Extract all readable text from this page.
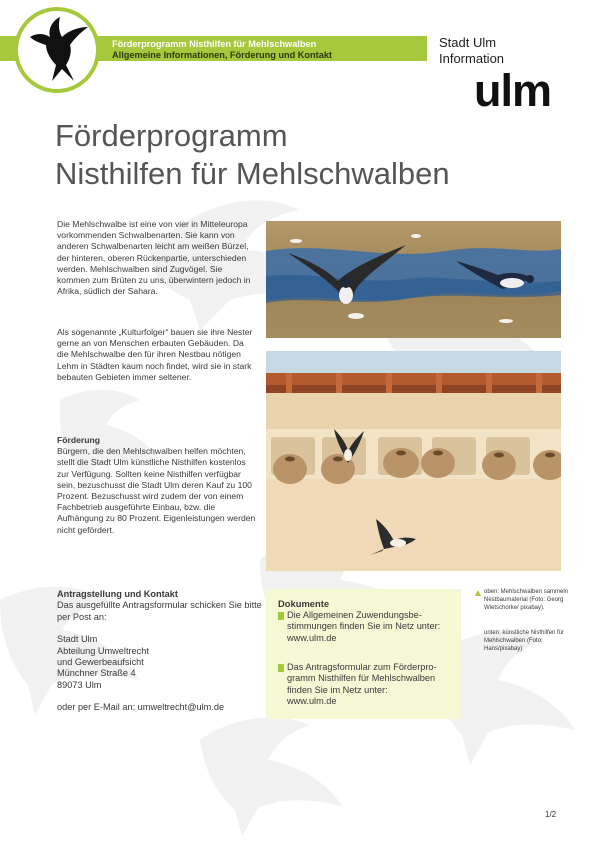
Förderprogramm Nisthilfen für Mehlschwalben
Allgemeine Informationen, Förderung und Kontakt
Stadt Ulm
Information
ulm
Förderprogramm
Nisthilfen für Mehlschwalben
Die Mehlschwalbe ist eine von vier in Mitteleuropa vorkommenden Schwalbenarten. Sie kann von anderen Schwalbenarten leicht am weißen Bürzel, der hinteren, oberen Rückenpartie, unterschieden werden. Mehlschwalben sind Zugvögel. Sie kommen zum Brüten zu uns, überwintern jedoch in Afrika, südlich der Sahara.
Als sogenannte „Kulturfolger“ bauen sie ihre Nester gerne an von Menschen erbauten Gebäuden. Da die Mehlschwalbe den für ihren Nestbau nötigen Lehm in Städten kaum noch findet, wird sie in stark bebauten Gebieten immer seltener.
Förderung
Bürgern, die den Mehlschwalben helfen möchten, stellt die Stadt Ulm künstliche Nisthilfen kostenlos zur Verfügung. Sollten keine Nisthilfen verfügbar sein, bezuschusst die Stadt Ulm deren Kauf zu 100 Prozent. Bezuschusst wird zudem der von einem Fachbetrieb ausgeführte Einbau, bzw. die Aufhängung zu 80 Prozent. Eigenleistungen werden nicht gefördert.
Antragstellung und Kontakt
Das ausgefüllte Antragsformular schicken Sie bitte per Post an:
Stadt Ulm
Abteilung Umweltrecht
und Gewerbeaufsicht
Münchner Straße 4
89073 Ulm
oder per E-Mail an: umweltrecht@ulm.de
Dokumente
Die Allgemeinen Zuwendungsbestimmungen finden Sie im Netz unter:
www.ulm.de
Das Antragsformular zum Förderprogramm Nisthilfen für Mehlschwalben finden Sie im Netz unter:
www.ulm.de
oben: Mehlschwalben sammeln Nestbaumaterial (Foto: Georg Wietschorke/ pixabay).
unten: künstliche Nisthilfen für Mehlschwalben (Foto: Hans/pixabay)
1/2
